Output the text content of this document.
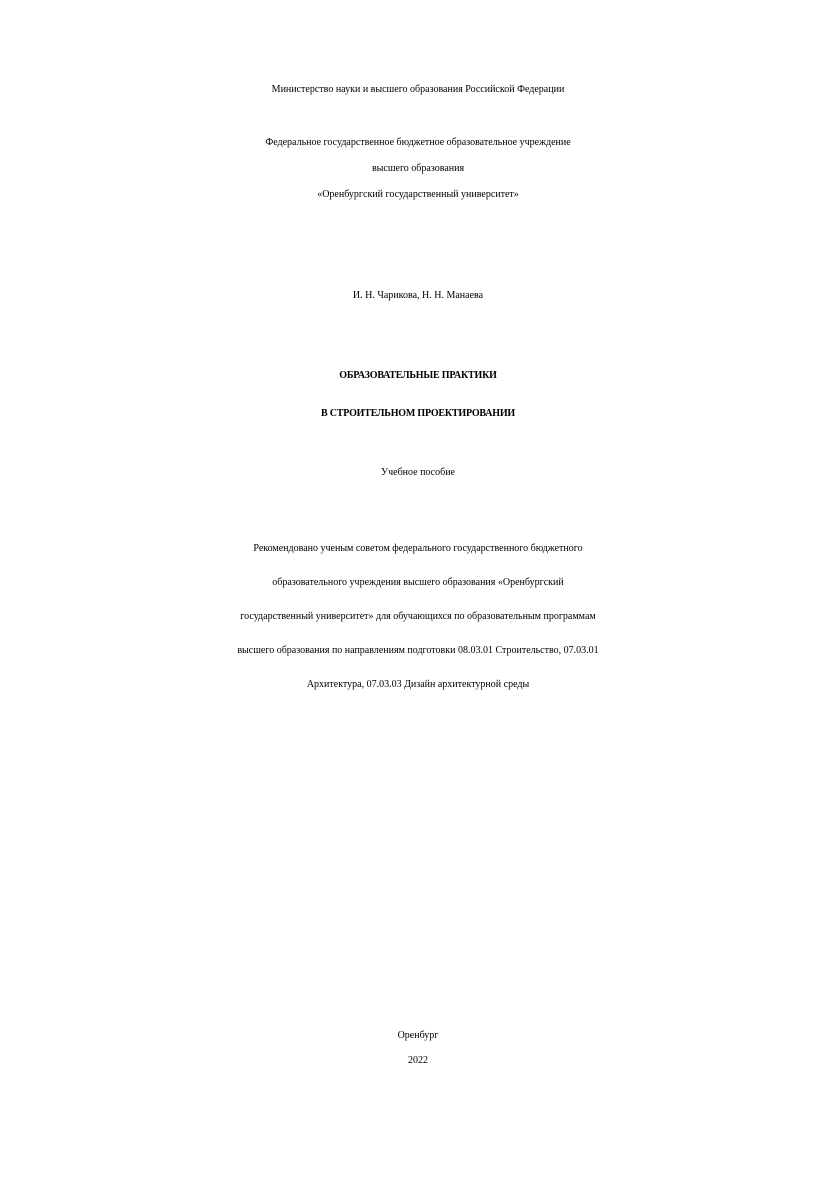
Министерство науки и высшего образования Российской Федерации
Федеральное государственное бюджетное образовательное учреждение
высшего образования
«Оренбургский государственный университет»
И. Н. Чарикова, Н. Н. Манаева
ОБРАЗОВАТЕЛЬНЫЕ ПРАКТИКИ
В СТРОИТЕЛЬНОМ ПРОЕКТИРОВАНИИ
Учебное пособие
Рекомендовано ученым советом федерального государственного бюджетного
образовательного учреждения высшего образования «Оренбургский
государственный университет» для обучающихся по образовательным программам
высшего образования по направлениям подготовки 08.03.01 Строительство, 07.03.01
Архитектура, 07.03.03 Дизайн архитектурной среды
Оренбург
2022
